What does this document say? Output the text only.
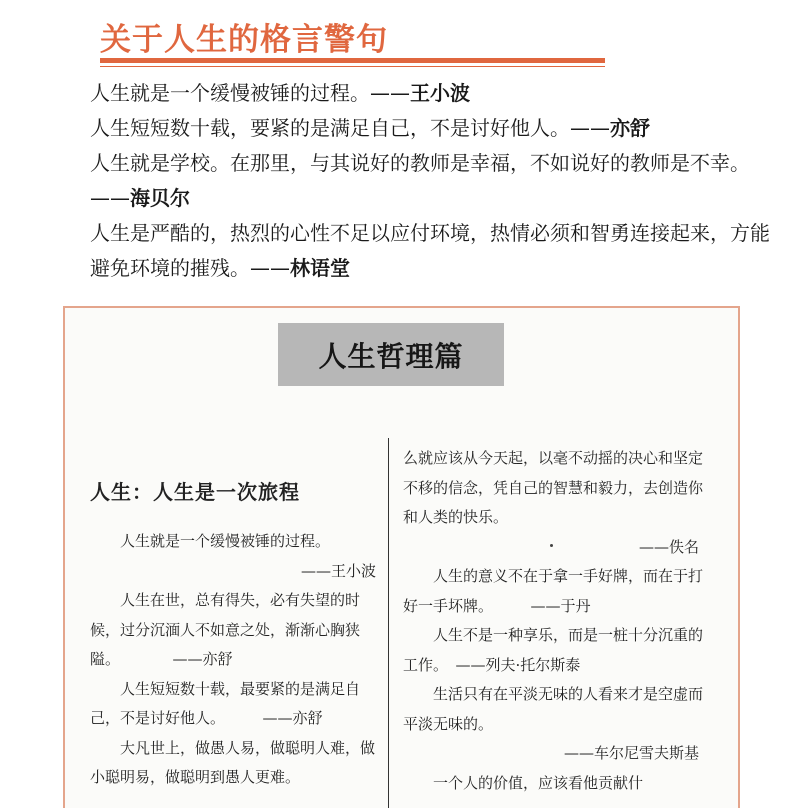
关于人生的格言警句

人生就是一个缓慢被锤的过程。——王小波

人生短短数十载，要紧的是满足自己，不是讨好他人。——亦舒

人生就是学校。在那里，与其说好的教师是幸福，不如说好的教师是不幸。——海贝尔

人生是严酷的，热烈的心性不足以应付环境，热情必须和智勇连接起来，方能避免环境的摧残。——林语堂

人生哲理篇
人生：人生是一次旅程

人生就是一个缓慢被锤的过程。

——王小波

人生在世，总有得失，必有失望的时候，过分沉湎人不如意之处，渐渐心胸狭隘。　　　　——亦舒

人生短短数十载，最要紧的是满足自己，不是讨好他人。　　　——亦舒

大凡世上，做愚人易，做聪明人难，做小聪明易，做聪明到愚人更难。

么就应该从今天起，以毫不动摇的决心和坚定不移的信念，凭自己的智慧和毅力，去创造你和人类的快乐。

——佚名

人生的意义不在于拿一手好牌，而在于打好一手坏牌。　　　——于丹

人生不是一种享乐，而是一桩十分沉重的工作。　——列夫·托尔斯泰

生活只有在平淡无味的人看来才是空虚而平淡无味的。

——车尔尼雪夫斯基

一个人的价值，应该看他贡献什
